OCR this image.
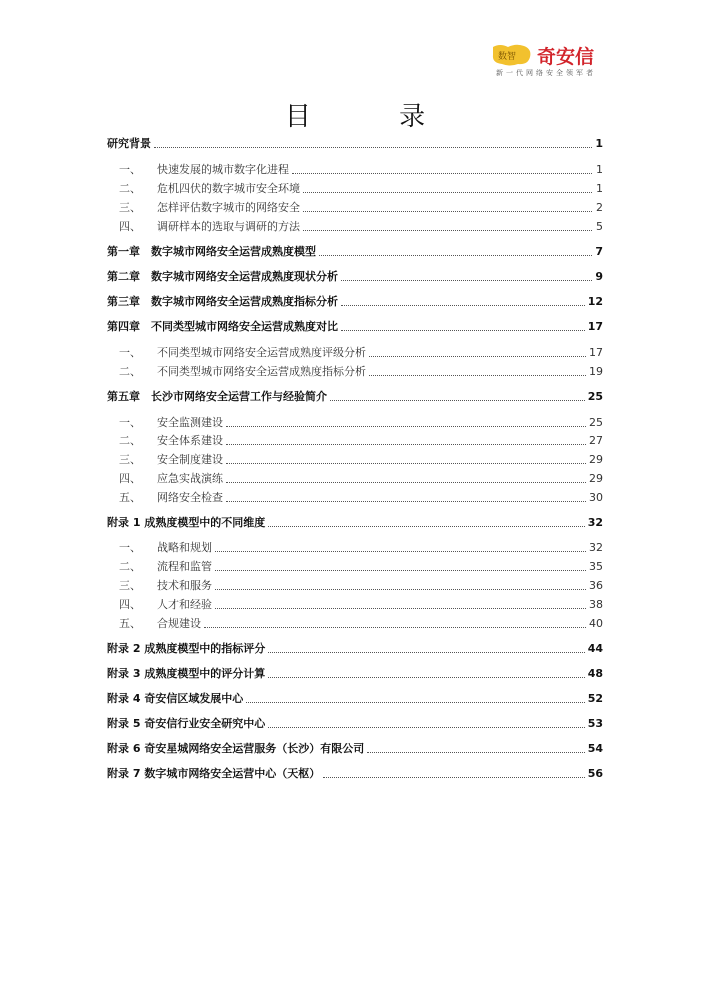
数智 奇安信
新一代网络安全领军者
目 录
研究背景	1
一、	快速发展的城市数字化进程	1
二、	危机四伏的数字城市安全环境	1
三、	怎样评估数字城市的网络安全	2
四、	调研样本的选取与调研的方法	5
第一章　数字城市网络安全运营成熟度模型	7
第二章　数字城市网络安全运营成熟度现状分析	9
第三章　数字城市网络安全运营成熟度指标分析	12
第四章　不同类型城市网络安全运营成熟度对比	17
一、	不同类型城市网络安全运营成熟度评级分析	17
二、	不同类型城市网络安全运营成熟度指标分析	19
第五章　长沙市网络安全运营工作与经验简介	25
一、	安全监测建设	25
二、	安全体系建设	27
三、	安全制度建设	29
四、	应急实战演练	29
五、	网络安全检查	30
附录 1 成熟度模型中的不同维度	32
一、	战略和规划	32
二、	流程和监管	35
三、	技术和服务	36
四、	人才和经验	38
五、	合规建设	40
附录 2 成熟度模型中的指标评分	44
附录 3 成熟度模型中的评分计算	48
附录 4 奇安信区域发展中心	52
附录 5 奇安信行业安全研究中心	53
附录 6 奇安星城网络安全运营服务（长沙）有限公司	54
附录 7 数字城市网络安全运营中心（天枢）	56
